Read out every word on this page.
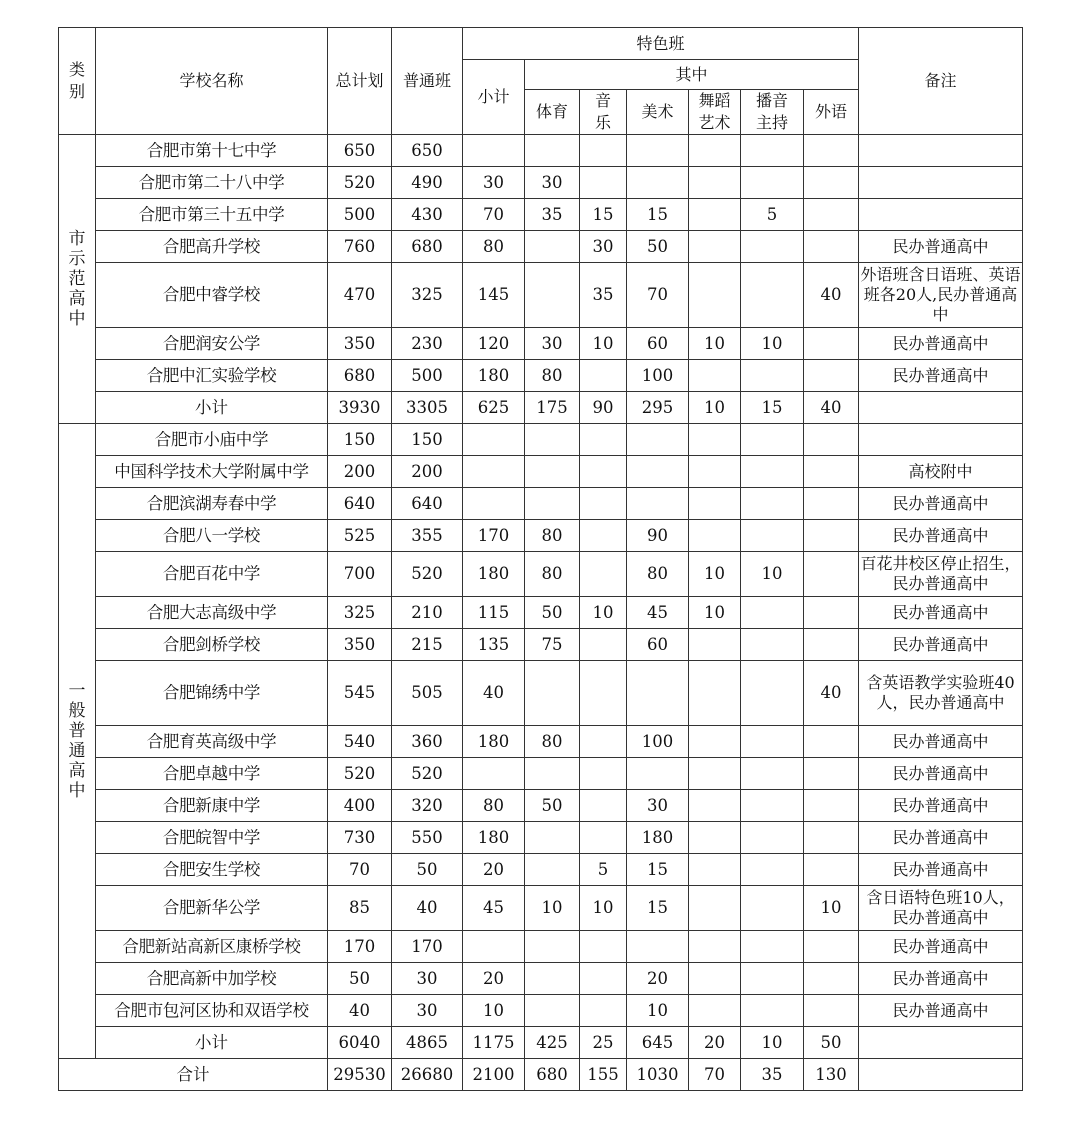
类别	学校名称	总计划	普通班	特色班							备注
				小计	其中						
					体育	音乐	美术	舞蹈艺术	播音主持	外语	
市示范高中	合肥市第十七中学	650	650								
	合肥市第二十八中学	520	490	30	30						
	合肥市第三十五中学	500	430	70	35	15	15		5		
	合肥高升学校	760	680	80		30	50				民办普通高中
	合肥中睿学校	470	325	145		35	70			40	外语班含日语班、英语班各20人,民办普通高中
	合肥润安公学	350	230	120	30	10	60	10	10		民办普通高中
	合肥中汇实验学校	680	500	180	80		100				民办普通高中
	小计	3930	3305	625	175	90	295	10	15	40	
一般普通高中	合肥市小庙中学	150	150								
	中国科学技术大学附属中学	200	200								高校附中
	合肥滨湖寿春中学	640	640								民办普通高中
	合肥八一学校	525	355	170	80		90				民办普通高中
	合肥百花中学	700	520	180	80		80	10	10		百花井校区停止招生，民办普通高中
	合肥大志高级中学	325	210	115	50	10	45	10			民办普通高中
	合肥剑桥学校	350	215	135	75		60				民办普通高中
	合肥锦绣中学	545	505	40						40	含英语教学实验班40人，民办普通高中
	合肥育英高级中学	540	360	180	80		100				民办普通高中
	合肥卓越中学	520	520								民办普通高中
	合肥新康中学	400	320	80	50		30				民办普通高中
	合肥皖智中学	730	550	180			180				民办普通高中
	合肥安生学校	70	50	20		5	15				民办普通高中
	合肥新华公学	85	40	45	10	10	15			10	含日语特色班10人，民办普通高中
	合肥新站高新区康桥学校	170	170								民办普通高中
	合肥高新中加学校	50	30	20			20				民办普通高中
	合肥市包河区协和双语学校	40	30	10			10				民办普通高中
	小计	6040	4865	1175	425	25	645	20	10	50	
合计		29530	26680	2100	680	155	1030	70	35	130	
